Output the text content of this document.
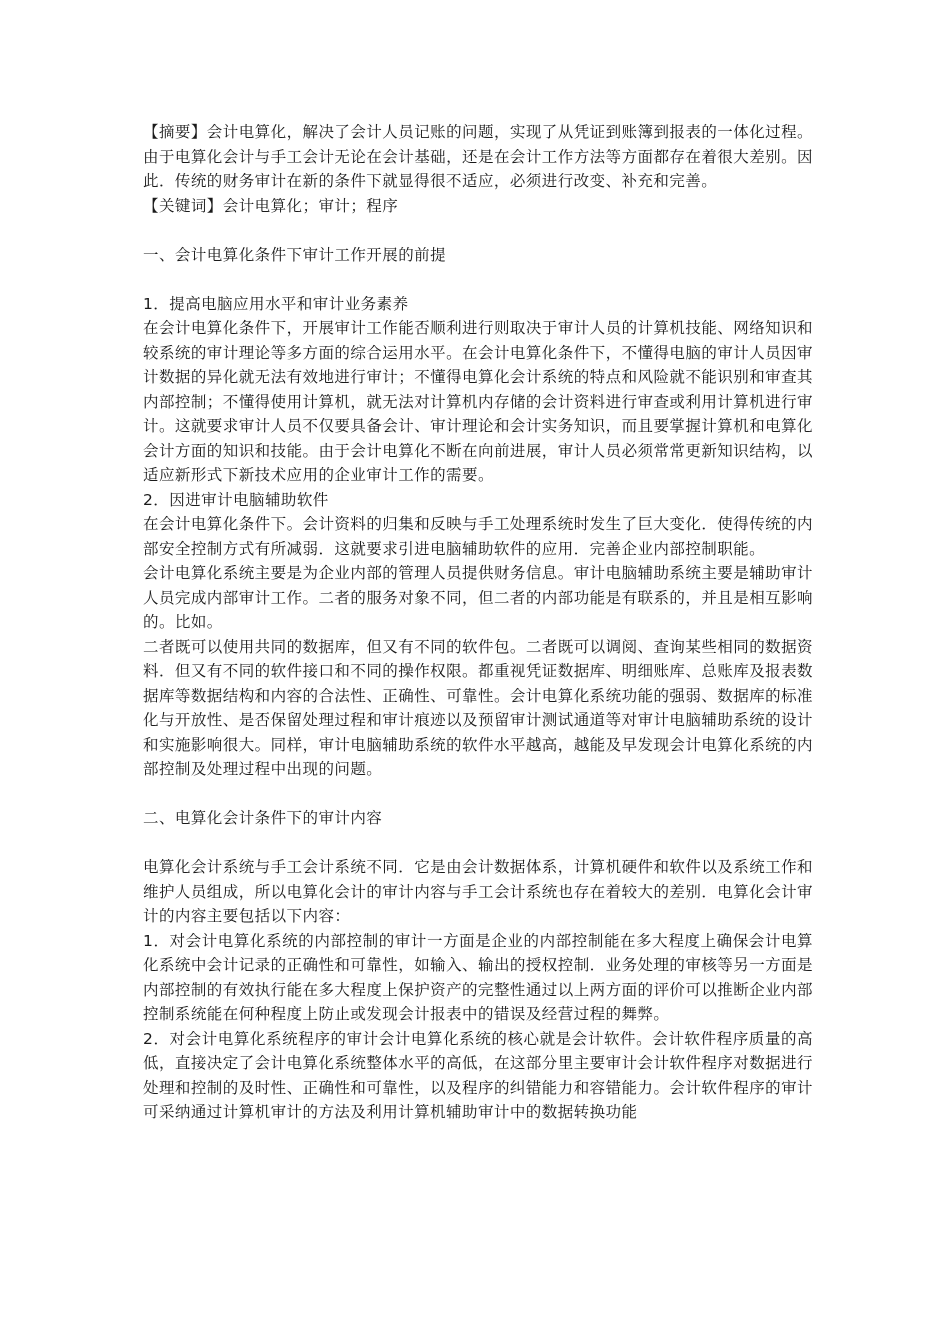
【摘要】会计电算化，解决了会计人员记账的问题，实现了从凭证到账簿到报表的一体化过程。由于电算化会计与手工会计无论在会计基础，还是在会计工作方法等方面都存在着很大差别。因此．传统的财务审计在新的条件下就显得很不适应，必须进行改变、补充和完善。

【关键词】会计电算化；审计；程序

一、会计电算化条件下审计工作开展的前提

1．提高电脑应用水平和审计业务素养

在会计电算化条件下，开展审计工作能否顺利进行则取决于审计人员的计算机技能、网络知识和较系统的审计理论等多方面的综合运用水平。在会计电算化条件下，不懂得电脑的审计人员因审计数据的异化就无法有效地进行审计；不懂得电算化会计系统的特点和风险就不能识别和审查其内部控制；不懂得使用计算机，就无法对计算机内存储的会计资料进行审查或利用计算机进行审计。这就要求审计人员不仅要具备会计、审计理论和会计实务知识，而且要掌握计算机和电算化会计方面的知识和技能。由于会计电算化不断在向前进展，审计人员必须常常更新知识结构，以适应新形式下新技术应用的企业审计工作的需要。

2．因进审计电脑辅助软件

在会计电算化条件下。会计资料的归集和反映与手工处理系统时发生了巨大变化．使得传统的内部安全控制方式有所减弱．这就要求引进电脑辅助软件的应用．完善企业内部控制职能。

会计电算化系统主要是为企业内部的管理人员提供财务信息。审计电脑辅助系统主要是辅助审计人员完成内部审计工作。二者的服务对象不同，但二者的内部功能是有联系的，并且是相互影响的。比如。

二者既可以使用共同的数据库，但又有不同的软件包。二者既可以调阅、查询某些相同的数据资料．但又有不同的软件接口和不同的操作权限。都重视凭证数据库、明细账库、总账库及报表数据库等数据结构和内容的合法性、正确性、可靠性。会计电算化系统功能的强弱、数据库的标准化与开放性、是否保留处理过程和审计痕迹以及预留审计测试通道等对审计电脑辅助系统的设计和实施影响很大。同样，审计电脑辅助系统的软件水平越高，越能及早发现会计电算化系统的内部控制及处理过程中出现的问题。

二、电算化会计条件下的审计内容

电算化会计系统与手工会计系统不同．它是由会计数据体系，计算机硬件和软件以及系统工作和维护人员组成，所以电算化会计的审计内容与手工会计系统也存在着较大的差别．电算化会计审计的内容主要包括以下内容：

1．对会计电算化系统的内部控制的审计一方面是企业的内部控制能在多大程度上确保会计电算化系统中会计记录的正确性和可靠性，如输入、输出的授权控制．业务处理的审核等另一方面是内部控制的有效执行能在多大程度上保护资产的完整性通过以上两方面的评价可以推断企业内部控制系统能在何种程度上防止或发现会计报表中的错误及经营过程的舞弊。

2．对会计电算化系统程序的审计会计电算化系统的核心就是会计软件。会计软件程序质量的高低，直接决定了会计电算化系统整体水平的高低，在这部分里主要审计会计软件程序对数据进行处理和控制的及时性、正确性和可靠性，以及程序的纠错能力和容错能力。会计软件程序的审计可采纳通过计算机审计的方法及利用计算机辅助审计中的数据转换功能
